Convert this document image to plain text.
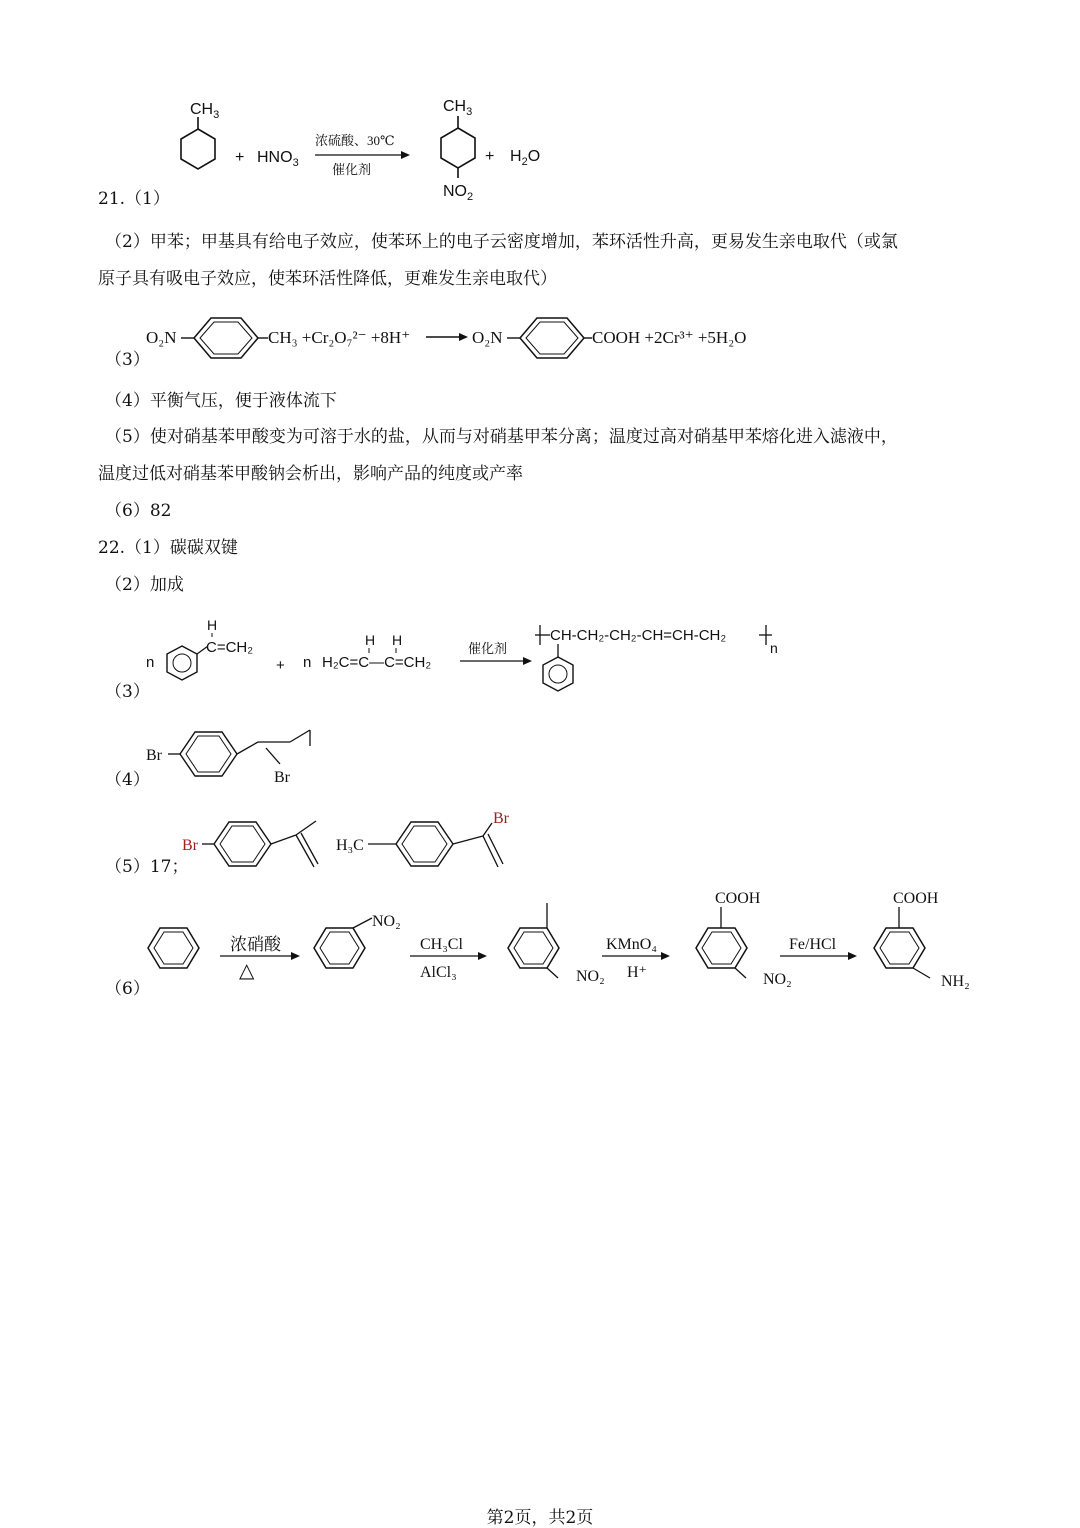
$CH_3$
+ $HNO_3$
浓硫酸、30℃
催化剂
$CH_3$
$NO_2$
+ $H_2O$
21.（1）
（2）甲苯；甲基具有给电子效应，使苯环上的电子云密度增加，苯环活性升高，更易发生亲电取代（或氯
原子具有吸电子效应，使苯环活性降低，更难发生亲电取代）
（3）
O₂N	CH₃ +Cr₂O₇²⁻ +8H⁺	O₂N	COOH +2Cr³⁺ +5H₂O
（4）平衡气压，便于液体流下
（5）使对硝基苯甲酸变为可溶于水的盐，从而与对硝基甲苯分离；温度过高对硝基甲苯熔化进入滤液中，
温度过低对硝基苯甲酸钠会析出，影响产品的纯度或产率
（6）82
22.（1）碳碳双键
（2）加成
（3）
n
H
C=CH₂
+ n
H H
H₂C=C—C=CH₂
催化剂
CH-CH₂-CH₂-CH=CH-CH₂
n
（4）
Br
Br
（5）17；
Br	H₃C
Br
（6）
浓硝酸
△
NO₂
CH₃Cl
AlCl₃	NO₂
KMnO₄
H⁺
COOH
NO₂
Fe/HCl
COOH
NH₂
第2页，共2页
